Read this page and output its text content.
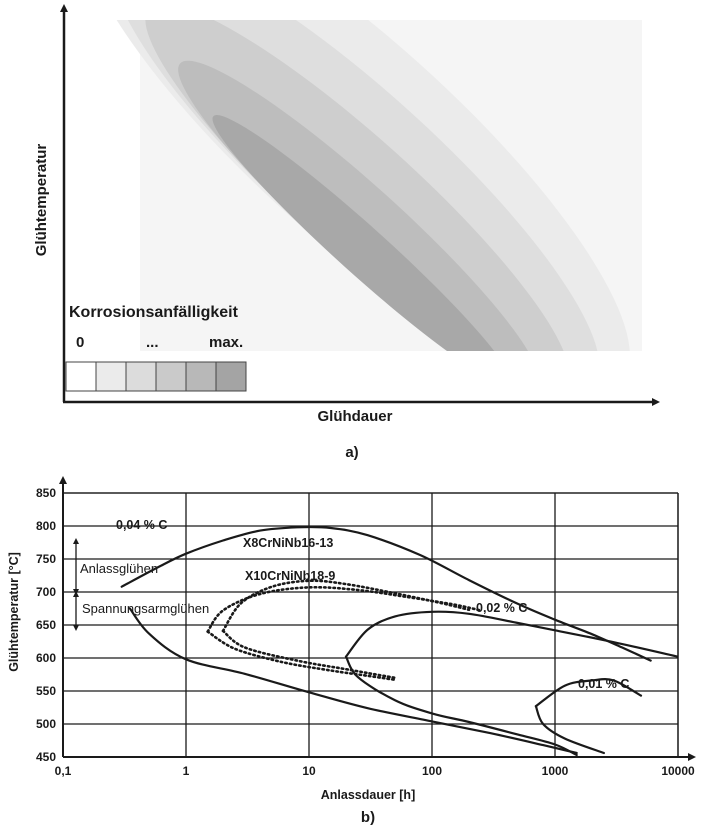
Glühdauer
Glühtemperatur
Korrosionsanfälligkeit
0	...	max.
a)
0,1	1	10	100	1000	10000
450
500
550
600
650
700
750
800
850
Anlassglühen
Spannungsarmglühen
0,04 % C
X8CrNiNb16-13
X10CrNiNb18-9
0,02 % C
0,01 % C
Anlassdauer [h]
Glühtemperatur [°C]
b)
